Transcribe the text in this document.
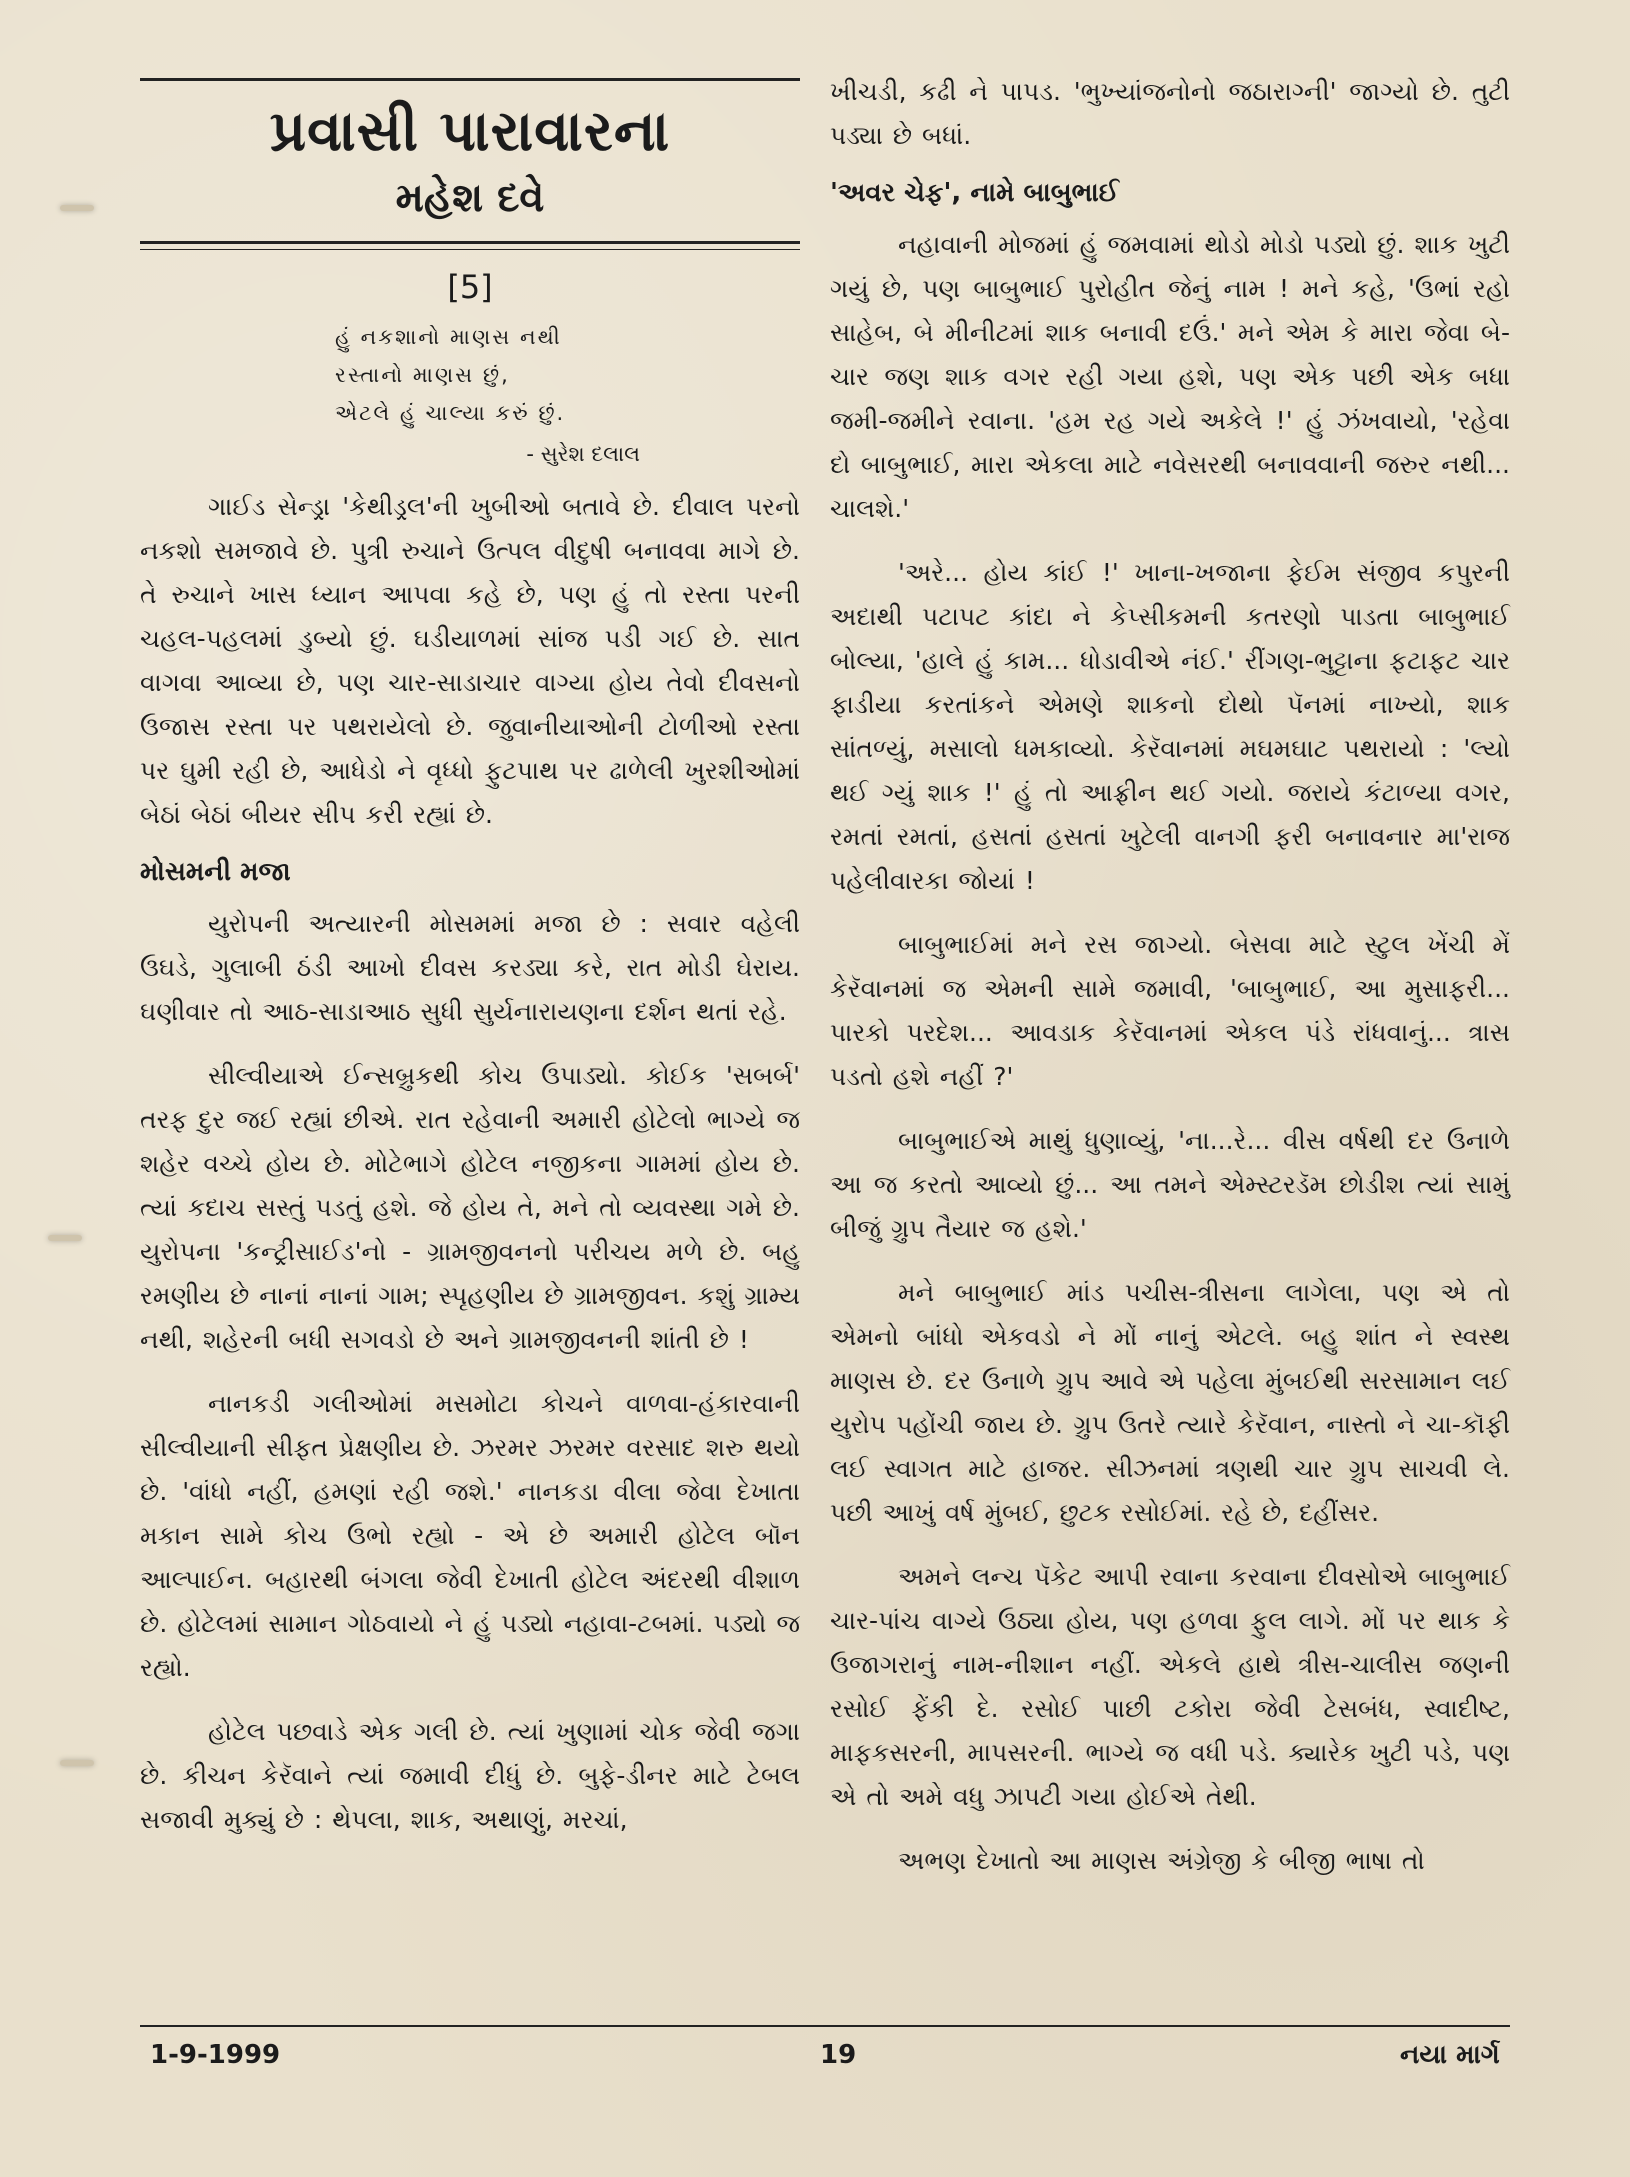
પ્રવાસી પારાવારના
મહેશ દવે
[5]
હું નકશાનો માણસ નથી
રસ્તાનો માણસ છું,
એટલે હું ચાલ્યા કરું છું.
- સુરેશ દલાલ

ગાઈડ સેન્ડ્રા 'કેથીડ્રલ'ની ખુબીઓ બતાવે છે. દીવાલ પરનો નકશો સમજાવે છે. પુત્રી રુચાને ઉત્પલ વીદુષી બનાવવા માગે છે. તે રુચાને ખાસ ધ્યાન આપવા કહે છે, પણ હું તો રસ્તા પરની ચહલ-પહલમાં ડુબ્યો છું. ઘડીયાળમાં સાંજ પડી ગઈ છે. સાત વાગવા આવ્યા છે, પણ ચાર-સાડાચાર વાગ્યા હોય તેવો દીવસનો ઉજાસ રસ્તા પર પથરાયેલો છે. જુવાનીયાઓની ટોળીઓ રસ્તા પર ઘુમી રહી છે, આધેડો ને વૃધ્ધો ફુટપાથ પર ઢાળેલી ખુરશીઓમાં બેઠાં બેઠાં બીયર સીપ કરી રહ્યાં છે.

મોસમની મજા

યુરોપની અત્યારની મોસમમાં મજા છે : સવાર વહેલી ઉઘડે, ગુલાબી ઠંડી આખો દીવસ કરડ્યા કરે, રાત મોડી ઘેરાય. ઘણીવાર તો આઠ-સાડાઆઠ સુધી સુર્યનારાયણના દર્શન થતાં રહે.

સીલ્વીયાએ ઈન્સબ્રુકથી કોચ ઉપાડ્યો. કોઈક 'સબર્બ' તરફ દુર જઈ રહ્યાં છીએ. રાત રહેવાની અમારી હોટેલો ભાગ્યે જ શહેર વચ્ચે હોય છે. મોટેભાગે હોટેલ નજીકના ગામમાં હોય છે. ત્યાં કદાચ સસ્તું પડતું હશે. જે હોય તે, મને તો વ્યવસ્થા ગમે છે. યુરોપના 'કન્ટ્રીસાઈડ'નો - ગ્રામજીવનનો પરીચય મળે છે. બહુ રમણીય છે નાનાં નાનાં ગામ; સ્પૃહણીય છે ગ્રામજીવન. કશું ગ્રામ્ય નથી, શહેરની બધી સગવડો છે અને ગ્રામજીવનની શાંતી છે !

નાનકડી ગલીઓમાં મસમોટા કોચને વાળવા-હંકારવાની સીલ્વીયાની સીફત પ્રેક્ષણીય છે. ઝરમર ઝરમર વરસાદ શરુ થયો છે. 'વાંધો નહીં, હમણાં રહી જશે.' નાનકડા વીલા જેવા દેખાતા મકાન સામે કોચ ઉભો રહ્યો - એ છે અમારી હોટેલ બૉન આલ્પાઈન. બહારથી બંગલા જેવી દેખાતી હોટેલ અંદરથી વીશાળ છે. હોટેલમાં સામાન ગોઠવાયો ને હું પડ્યો નહાવા-ટબમાં. પડ્યો જ રહ્યો.

હોટેલ પછવાડે એક ગલી છે. ત્યાં ખુણામાં ચોક જેવી જગા છે. કીચન કેરૅવાને ત્યાં જમાવી દીધું છે. બુફે-ડીનર માટે ટેબલ સજાવી મુક્યું છે : થેપલા, શાક, અથાણું, મરચાં,

ખીચડી, કઢી ને પાપડ. 'ભુખ્યાંજનોનો જઠારાગ્ની' જાગ્યો છે. તુટી પડ્યા છે બધાં.

'અવર ચેફ', નામે બાબુભાઈ

નહાવાની મોજમાં હું જમવામાં થોડો મોડો પડ્યો છું. શાક ખુટી ગયું છે, પણ બાબુભાઈ પુરોહીત જેનું નામ ! મને કહે, 'ઉભાં રહો સાહેબ, બે મીનીટમાં શાક બનાવી દઉં.' મને એમ કે મારા જેવા બે-ચાર જણ શાક વગર રહી ગયા હશે, પણ એક પછી એક બધા જમી-જમીને રવાના. 'હમ રહ ગયે અકેલે !' હું ઝંખવાયો, 'રહેવા દો બાબુભાઈ, મારા એકલા માટે નવેસરથી બનાવવાની જરુર નથી... ચાલશે.'

'અરે... હોય કાંઈ !' ખાના-ખજાના ફેઈમ સંજીવ કપુરની અદાથી પટાપટ કાંદા ને કેપ્સીકમની કતરણો પાડતા બાબુભાઈ બોલ્યા, 'હાલે હું કામ... ધોડાવીએ નંઈ.' રીંગણ-ભુટ્ટાના ફટાફટ ચાર ફાડીયા કરતાંકને એમણે શાકનો દોથો પૅનમાં નાખ્યો, શાક સાંતળ્યું, મસાલો ધમકાવ્યો. કેરૅવાનમાં મઘમઘાટ પથરાયો : 'લ્યો થઈ ગ્યું શાક !' હું તો આફ્રીન થઈ ગયો. જરાયે કંટાળ્યા વગર, રમતાં રમતાં, હસતાં હસતાં ખુટેલી વાનગી ફરી બનાવનાર મા'રાજ પહેલીવારકા જોયાં !

બાબુભાઈમાં મને રસ જાગ્યો. બેસવા માટે સ્ટુલ ખેંચી મેં કેરૅવાનમાં જ એમની સામે જમાવી, 'બાબુભાઈ, આ મુસાફરી... પારકો પરદેશ... આવડાક કેરૅવાનમાં એકલ પંડે રાંધવાનું... ત્રાસ પડતો હશે નહીં ?'

બાબુભાઈએ માથું ધુણાવ્યું, 'ના...રે... વીસ વર્ષથી દર ઉનાળે આ જ કરતો આવ્યો છું... આ તમને એમ્સ્ટરડૅમ છોડીશ ત્યાં સામું બીજું ગ્રુપ તૈયાર જ હશે.'

મને બાબુભાઈ માંડ પચીસ-ત્રીસના લાગેલા, પણ એ તો એમનો બાંધો એકવડો ને મોં નાનું એટલે. બહુ શાંત ને સ્વસ્થ માણસ છે. દર ઉનાળે ગ્રુપ આવે એ પહેલા મુંબઈથી સરસામાન લઈ યુરોપ પહોંચી જાય છે. ગ્રુપ ઉતરે ત્યારે કેરૅવાન, નાસ્તો ને ચા-કૉફી લઈ સ્વાગત માટે હાજર. સીઝનમાં ત્રણથી ચાર ગ્રુપ સાચવી લે. પછી આખું વર્ષ મુંબઈ, છુટક રસોઈમાં. રહે છે, દહીંસર.

અમને લન્ચ પૅકેટ આપી રવાના કરવાના દીવસોએ બાબુભાઈ ચાર-પાંચ વાગ્યે ઉઠ્યા હોય, પણ હળવા ફુલ લાગે. મોં પર થાક કે ઉજાગરાનું નામ-નીશાન નહીં. એકલે હાથે ત્રીસ-ચાલીસ જણની રસોઈ ફેંકી દે. રસોઈ પાછી ટકોરા જેવી ટેસબંધ, સ્વાદીષ્ટ, માફકસરની, માપસરની. ભાગ્યે જ વધી પડે. ક્યારેક ખુટી પડે, પણ એ તો અમે વધુ ઝાપટી ગયા હોઈએ તેથી.

અભણ દેખાતો આ માણસ અંગ્રેજી કે બીજી ભાષા તો

1-9-1999	19	નયા માર્ગ
